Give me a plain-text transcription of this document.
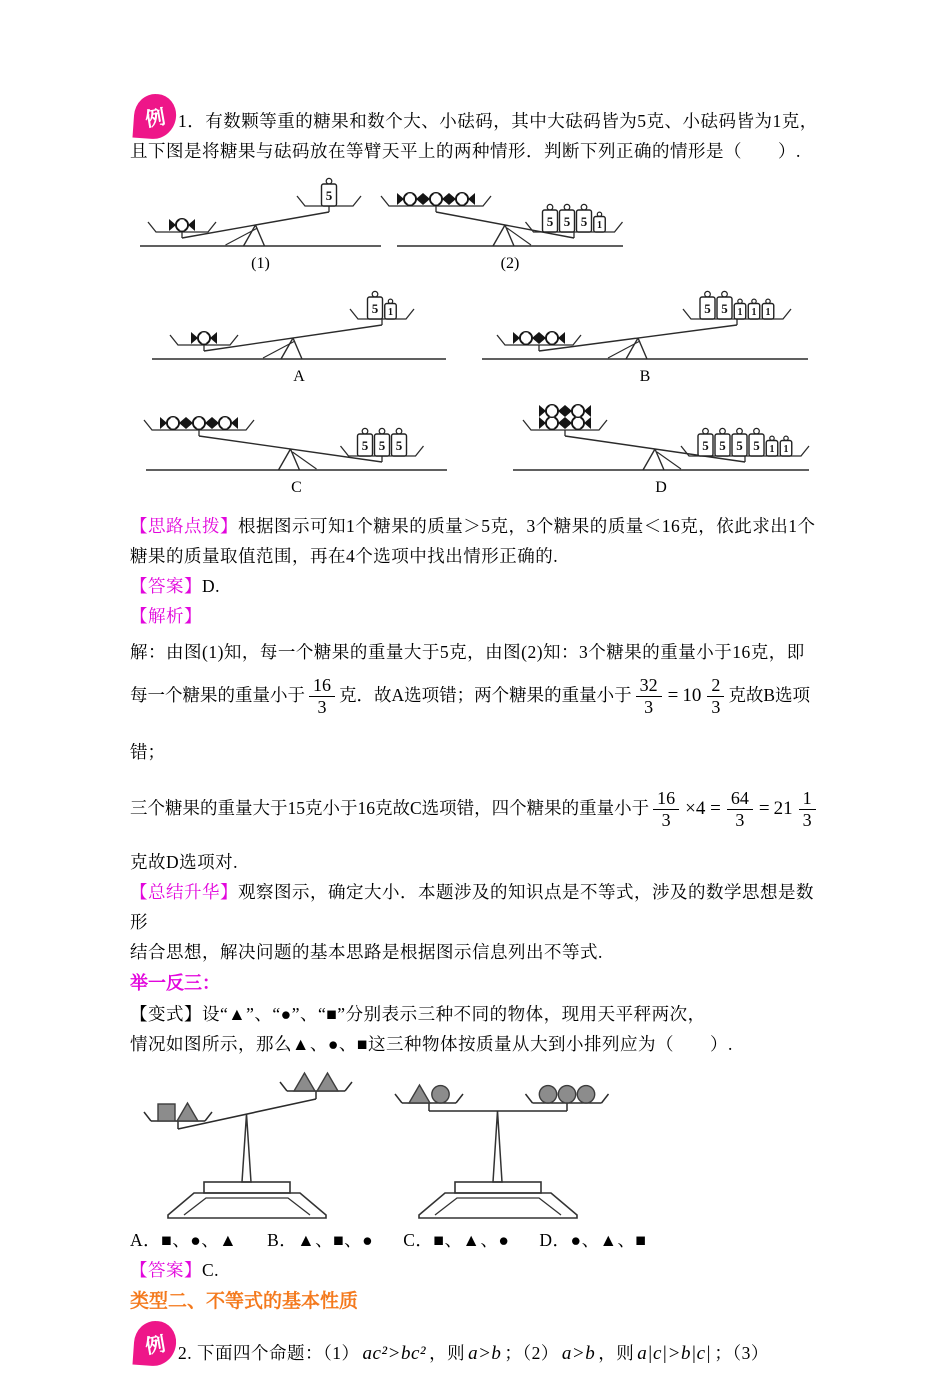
例 1．有数颗等重的糖果和数个大、小砝码，其中大砝码皆为5克、小砝码皆为1克，
且下图是将糖果与砝码放在等臂天平上的两种情形．判断下列正确的情形是（　　）.
5
(1)
5 5 5 1
(2)
5 1
A
5 5 1 1 1
B
5 5 5
C
5 5 5 5 1 1
D
【思路点拨】根据图示可知1个糖果的质量＞5克，3个糖果的质量＜16克，依此求出1个
糖果的质量取值范围，再在4个选项中找出情形正确的.
【答案】D.
【解析】
解：由图(1)知，每一个糖果的重量大于5克，由图(2)知：3个糖果的重量小于16克，即
每一个糖果的重量小于 $\frac{16}{3}$ 克．故A选项错；两个糖果的重量小于 $\frac{32}{3} = 10 \frac{2}{3}$ 克故B选项错；
三个糖果的重量大于15克小于16克故C选项错，四个糖果的重量小于 $\frac{16}{3} \times 4 = \frac{64}{3} = 21 \frac{1}{3}$
克故D选项对.
【总结升华】观察图示，确定大小．本题涉及的知识点是不等式，涉及的数学思想是数形
结合思想，解决问题的基本思路是根据图示信息列出不等式.
举一反三：
【变式】设“▲”、“●”、“■”分别表示三种不同的物体，现用天平秤两次，
情况如图所示，那么▲、●、■这三种物体按质量从大到小排列应为（　　）.
A．■、●、▲ B．▲、■、● C．■、▲、● D．●、▲、■
【答案】C.
类型二、不等式的基本性质
例 2. 下面四个命题：（1） ac²>bc² ，则 a>b ；（2） a>b ，则 a|c|>b|c| ；（3）
